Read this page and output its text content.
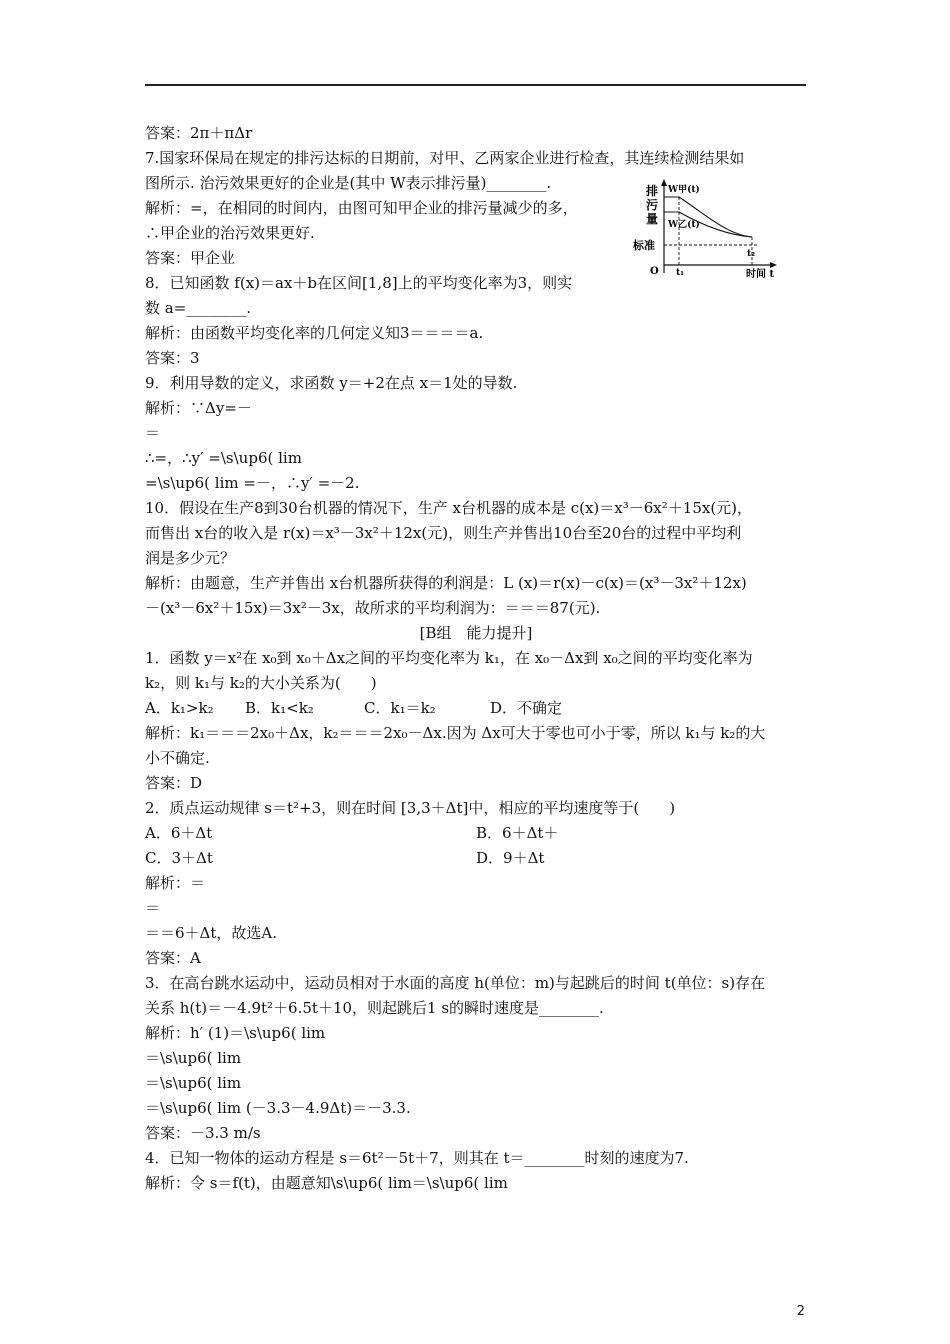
答案：2π＋πΔr
7.国家环保局在规定的排污达标的日期前，对甲、乙两家企业进行检查，其连续检测结果如
图所示. 治污效果更好的企业是(其中 W表示排污量)________.
解析：=，在相同的时间内，由图可知甲企业的排污量减少的多，
∴甲企业的治污效果更好.
答案：甲企业
8．已知函数 f(x)＝ax＋b在区间[1,8]上的平均变化率为3，则实
数 a=________.
解析：由函数平均变化率的几何定义知3＝＝＝＝a.
答案：3
9．利用导数的定义，求函数 y＝+2在点 x＝1处的导数.
解析：∵Δy=－
＝
∴=，∴y′ =\s\up6( lim
=\s\up6( lim =－，∴y′ =－2.
10．假设在生产8到30台机器的情况下，生产 x台机器的成本是 c(x)＝x³－6x²＋15x(元)，
而售出 x台的收入是 r(x)＝x³－3x²＋12x(元)，则生产并售出10台至20台的过程中平均利
润是多少元？
解析：由题意，生产并售出 x台机器所获得的利润是：L (x)＝r(x)－c(x)＝(x³－3x²＋12x)
－(x³－6x²＋15x)＝3x²－3x，故所求的平均利润为：＝＝＝87(元).
[B组　能力提升]
1．函数 y＝x²在 x₀到 x₀＋Δx之间的平均变化率为 k₁，在 x₀－Δx到 x₀之间的平均变化率为
k₂，则 k₁与 k₂的大小关系为(　　)
A．k₁>k₂	B．k₁<k₂	C．k₁＝k₂	D．不确定
解析：k₁＝＝＝2x₀＋Δx，k₂＝＝＝2x₀－Δx.因为 Δx可大于零也可小于零，所以 k₁与 k₂的大
小不确定.
答案：D
2．质点运动规律 s＝t²+3，则在时间 [3,3＋Δt]中，相应的平均速度等于(　　)
A．6＋Δt	B．6＋Δt＋
C．3＋Δt	D．9＋Δt
解析：＝
＝
＝＝6＋Δt，故选A.
答案：A
3．在高台跳水运动中，运动员相对于水面的高度 h(单位：m)与起跳后的时间 t(单位：s)存在
关系 h(t)＝－4.9t²＋6.5t＋10，则起跳后1 s的瞬时速度是________.
解析：h′ (1)＝\s\up6( lim
＝\s\up6( lim
＝\s\up6( lim
＝\s\up6( lim (－3.3－4.9Δt)＝－3.3.
答案：－3.3 m/s
4．已知一物体的运动方程是 s＝6t²－5t＋7，则其在 t＝________时刻的速度为7.
解析：令 s＝f(t)，由题意知\s\up6( lim＝\s\up6( lim
排
污
量
W甲(t)
W乙(t)
标准
O t₁
t₂
时间 t
2
